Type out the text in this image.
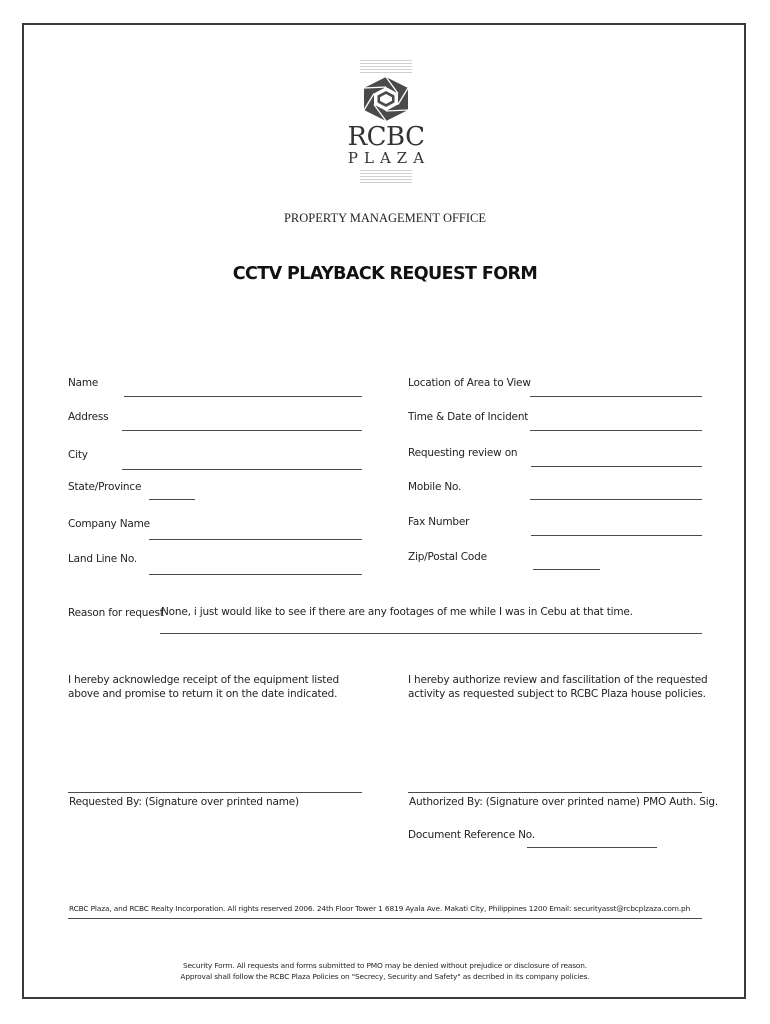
RCBC
PLAZA
PROPERTY MANAGEMENT OFFICE
CCTV PLAYBACK REQUEST FORM
Name
Address
City
State/Province
Company Name
Land Line No.
Location of Area to View
Time & Date of Incident
Requesting review on
Mobile No.
Fax Number
Zip/Postal Code
Reason for request
None, i just would like to see if there are any footages of me while I was in Cebu at that time.
I hereby acknowledge receipt of the equipment listed above and promise to return it on the date indicated.
I hereby authorize review and fascilitation of the requested activity as requested subject to RCBC Plaza house policies.
Requested By: (Signature over printed name)	Authorized By: (Signature over printed name) PMO Auth. Sig.
Document Reference No.
RCBC Plaza, and RCBC Realty Incorporation. All rights reserved 2006. 24th Floor Tower 1 6819 Ayala Ave. Makati City, Philippines 1200 Email: securityasst@rcbcplzaza.com.ph
Security Form. All requests and forms submitted to PMO may be denied without prejudice or disclosure of reason.
Approval shall follow the RCBC Plaza Policies on "Secrecy, Security and Safety" as decribed in its company policies.
